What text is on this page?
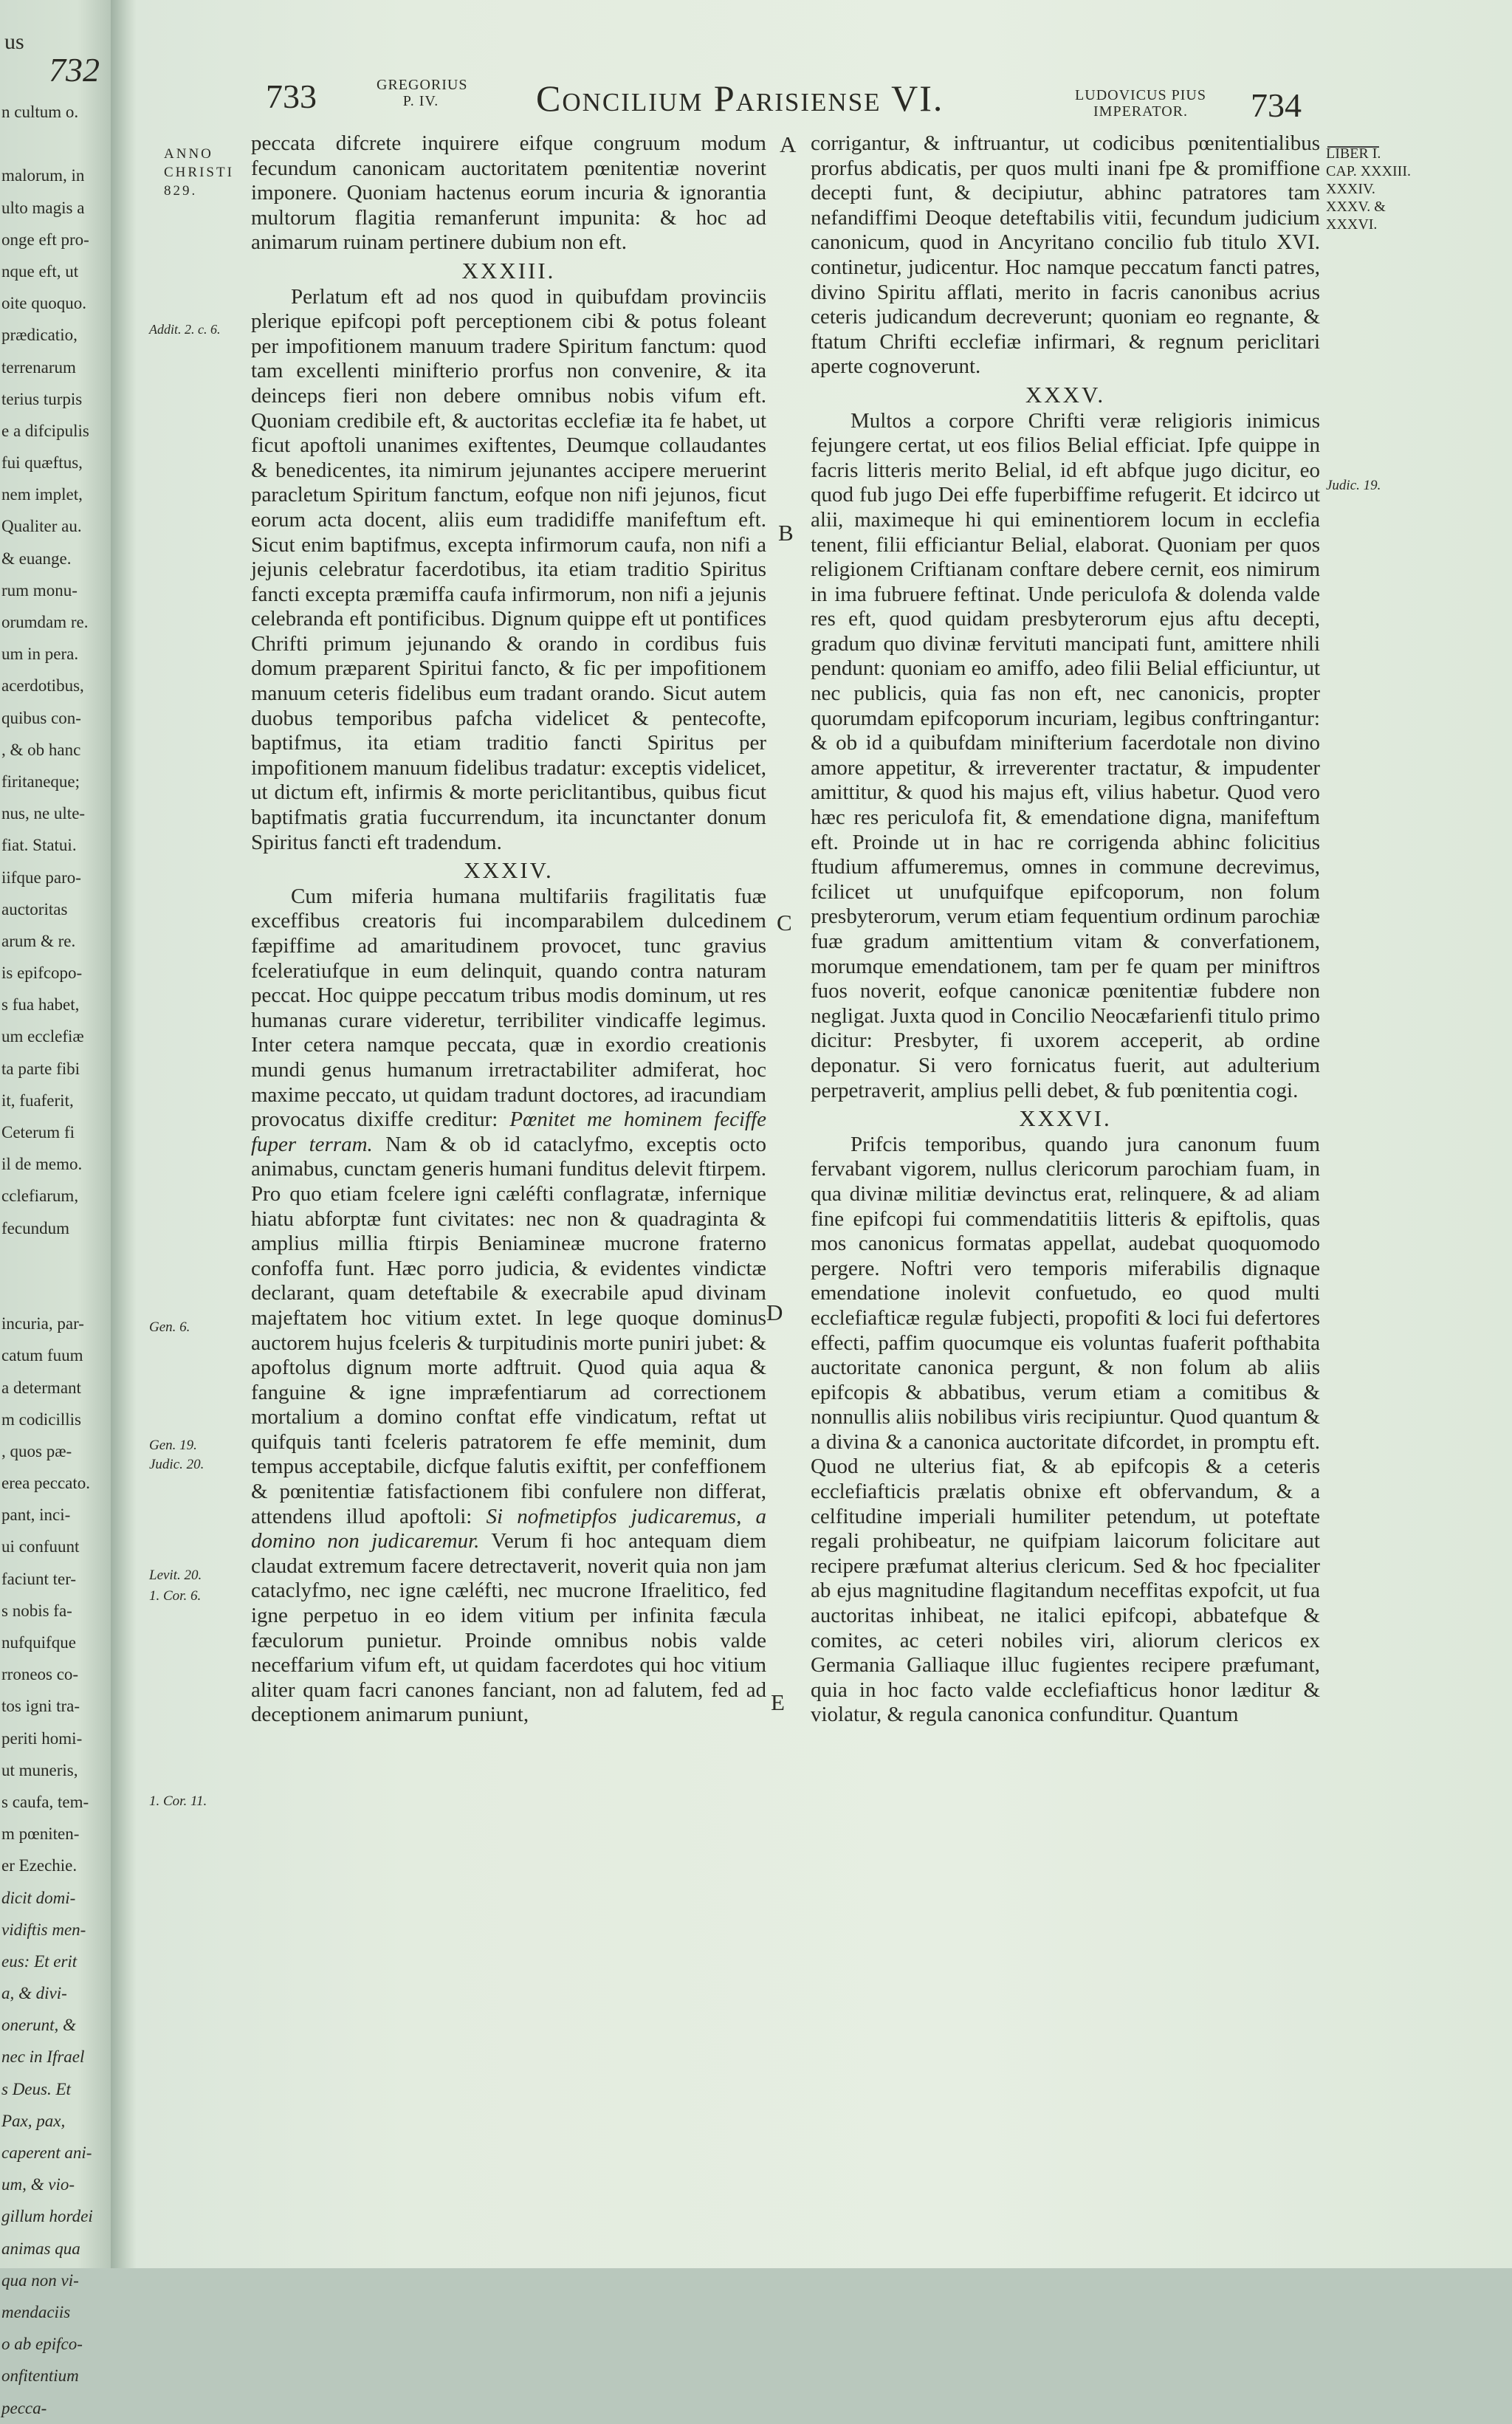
us
732
n cultum o.
malorum, in
ulto magis a
onge eft pro-
nque eft, ut
oite quoquo.
prædicatio,
terrenarum
terius turpis
e a difcipulis
fui quæftus,
nem implet,
Qualiter au.
& euange.
rum monu-
orumdam re.
um in pera.
acerdotibus,
quibus con-
, & ob hanc
firitaneque;
nus, ne ulte-
fiat. Statui.
iifque paro-
auctoritas
arum & re.
is epifcopo-
s fua habet,
um ecclefiæ
ta parte fibi
it, fuaferit,
Ceterum fi
il de memo.
cclefiarum,
fecundum
incuria, par-
catum fuum
a determant
m codicillis
, quos pæ-
erea peccato.
pant, inci-
ui confuunt
faciunt ter-
s nobis fa-
nufquifque
rroneos co-
tos igni tra-
periti homi-
ut muneris,
s caufa, tem-
m pœniten-
er Ezechie.
dicit domi-
vidiftis men-
eus: Et erit
a, & divi-
onerunt, &
nec in Ifrael
s Deus. Et
Pax, pax,
caperent ani-
um, & vio-
gillum hordei
animas qua
qua non vi-
mendaciis
o ab epifco-
onfitentium
pecca-
733	GREGORIUS
P. IV.	Concilium Parisiense VI.	LUDOVICUS PIUS
IMPERATOR.	734
ANNO
CHRISTI
829.
Addit. 2. c. 6.
Gen. 6.
Gen. 19.
Judic. 20.
Levit. 20.
1. Cor. 6.
1. Cor. 11.
LIBER I.
CAP. XXXIII.
XXXIV.
XXXV. &
XXXVI.
Judic. 19.
A
B
C
D
E

peccata difcrete inquirere eifque congruum modum fecundum canonicam auctoritatem pœnitentiæ noverint imponere. Quoniam hactenus eorum incuria & ignorantia multorum flagitia remanferunt impunita: & hoc ad animarum ruinam pertinere dubium non eft.

XXXIII.

Perlatum eft ad nos quod in quibufdam provinciis plerique epifcopi poft perceptionem cibi & potus foleant per impofitionem manuum tradere Spiritum fanctum: quod tam excellenti minifterio prorfus non convenire, & ita deinceps fieri non debere omnibus nobis vifum eft. Quoniam credibile eft, & auctoritas ecclefiæ ita fe habet, ut ficut apoftoli unanimes exiftentes, Deumque collaudantes & benedicentes, ita nimirum jejunantes accipere meruerint paracletum Spiritum fanctum, eofque non nifi jejunos, ficut eorum acta docent, aliis eum tradidiffe manifeftum eft. Sicut enim baptifmus, excepta infirmorum caufa, non nifi a jejunis celebratur facerdotibus, ita etiam traditio Spiritus fancti excepta præmiffa caufa infirmorum, non nifi a jejunis celebranda eft pontificibus. Dignum quippe eft ut pontifices Chrifti primum jejunando & orando in cordibus fuis domum præparent Spiritui fancto, & fic per impofitionem manuum ceteris fidelibus eum tradant orando. Sicut autem duobus temporibus pafcha videlicet & pentecofte, baptifmus, ita etiam traditio fancti Spiritus per impofitionem manuum fidelibus tradatur: exceptis videlicet, ut dictum eft, infirmis & morte periclitantibus, quibus ficut baptifmatis gratia fuccurrendum, ita incunctanter donum Spiritus fancti eft tradendum.

XXXIV.

Cum miferia humana multifariis fragilitatis fuæ exceffibus creatoris fui incomparabilem dulcedinem fæpiffime ad amaritudinem provocet, tunc gravius fceleratiufque in eum delinquit, quando contra naturam peccat. Hoc quippe peccatum tribus modis dominum, ut res humanas curare videretur, terribiliter vindicaffe legimus. Inter cetera namque peccata, quæ in exordio creationis mundi genus humanum irretractabiliter admiferat, hoc maxime peccato, ut quidam tradunt doctores, ad iracundiam provocatus dixiffe creditur: Pœnitet me hominem feciffe fuper terram. Nam & ob id cataclyfmo, exceptis octo animabus, cunctam generis humani funditus delevit ftirpem. Pro quo etiam fcelere igni cæléfti conflagratæ, infernique hiatu abforptæ funt civitates: nec non & quadraginta & amplius millia ftirpis Beniamineæ mucrone fraterno confoffa funt. Hæc porro judicia, & evidentes vindictæ declarant, quam deteftabile & execrabile apud divinam majeftatem hoc vitium extet. In lege quoque dominus auctorem hujus fceleris & turpitudinis morte puniri jubet: & apoftolus dignum morte adftruit. Quod quia aqua & fanguine & igne impræfentiarum ad correctionem mortalium a domino conftat effe vindicatum, reftat ut quifquis tanti fceleris patratorem fe effe meminit, dum tempus acceptabile, dicfque falutis exiftit, per confeffionem & pœnitentiæ fatisfactionem fibi confulere non differat, attendens illud apoftoli: Si nofmetipfos judicaremus, a domino non judicaremur. Verum fi hoc antequam diem claudat extremum facere detrectaverit, noverit quia non jam cataclyfmo, nec igne cæléfti, nec mucrone Ifraelitico, fed igne perpetuo in eo idem vitium per infinita fæcula fæculorum punietur. Proinde omnibus nobis valde neceffarium vifum eft, ut quidam facerdotes qui hoc vitium aliter quam facri canones fanciant, non ad falutem, fed ad deceptionem animarum puniunt,

corrigantur, & inftruantur, ut codicibus pœnitentialibus prorfus abdicatis, per quos multi inani fpe & promiffione decepti funt, & decipiutur, abhinc patratores tam nefandiffimi Deoque deteftabilis vitii, fecundum judicium canonicum, quod in Ancyritano concilio fub titulo XVI. continetur, judicentur. Hoc namque peccatum fancti patres, divino Spiritu afflati, merito in facris canonibus acrius ceteris judicandum decreverunt; quoniam eo regnante, & ftatum Chrifti ecclefiæ infirmari, & regnum periclitari aperte cognoverunt.

XXXV.

Multos a corpore Chrifti veræ religioris inimicus fejungere certat, ut eos filios Belial efficiat. Ipfe quippe in facris litteris merito Belial, id eft abfque jugo dicitur, eo quod fub jugo Dei effe fuperbiffime refugerit. Et idcirco ut alii, maximeque hi qui eminentiorem locum in ecclefia tenent, filii efficiantur Belial, elaborat. Quoniam per quos religionem Criftianam conftare debere cernit, eos nimirum in ima fubruere feftinat. Unde periculofa & dolenda valde res eft, quod quidam presbyterorum ejus aftu decepti, gradum quo divinæ fervituti mancipati funt, amittere nhili pendunt: quoniam eo amiffo, adeo filii Belial efficiuntur, ut nec publicis, quia fas non eft, nec canonicis, propter quorumdam epifcoporum incuriam, legibus conftringantur: & ob id a quibufdam minifterium facerdotale non divino amore appetitur, & irreverenter tractatur, & impudenter amittitur, & quod his majus eft, vilius habetur. Quod vero hæc res periculofa fit, & emendatione digna, manifeftum eft. Proinde ut in hac re corrigenda abhinc folicitius ftudium affumeremus, omnes in commune decrevimus, fcilicet ut unufquifque epifcoporum, non folum presbyterorum, verum etiam fequentium ordinum parochiæ fuæ gradum amittentium vitam & converfationem, morumque emendationem, tam per fe quam per miniftros fuos noverit, eofque canonicæ pœnitentiæ fubdere non negligat. Juxta quod in Concilio Neocæfarienfi titulo primo dicitur: Presbyter, fi uxorem acceperit, ab ordine deponatur. Si vero fornicatus fuerit, aut adulterium perpetraverit, amplius pelli debet, & fub pœnitentia cogi.

XXXVI.

Prifcis temporibus, quando jura canonum fuum fervabant vigorem, nullus clericorum parochiam fuam, in qua divinæ militiæ devinctus erat, relinquere, & ad aliam fine epifcopi fui commendatitiis litteris & epiftolis, quas mos canonicus formatas appellat, audebat quoquomodo pergere. Noftri vero temporis miferabilis dignaque emendatione inolevit confuetudo, eo quod multi ecclefiafticæ regulæ fubjecti, propofiti & loci fui defertores effecti, paffim quocumque eis voluntas fuaferit pofthabita auctoritate canonica pergunt, & non folum ab aliis epifcopis & abbatibus, verum etiam a comitibus & nonnullis aliis nobilibus viris recipiuntur. Quod quantum & a divina & a canonica auctoritate difcordet, in promptu eft. Quod ne ulterius fiat, & ab epifcopis & a ceteris ecclefiafticis prælatis obnixe eft obfervandum, & a celfitudine imperiali humiliter petendum, ut poteftate regali prohibeatur, ne quifpiam laicorum folicitare aut recipere præfumat alterius clericum. Sed & hoc fpecialiter ab ejus magnitudine flagitandum neceffitas expofcit, ut fua auctoritas inhibeat, ne italici epifcopi, abbatefque & comites, ac ceteri nobiles viri, aliorum clericos ex Germania Galliaque illuc fugientes recipere præfumant, quia in hoc facto valde ecclefiafticus honor læditur & violatur, & regula canonica confunditur. Quantum
